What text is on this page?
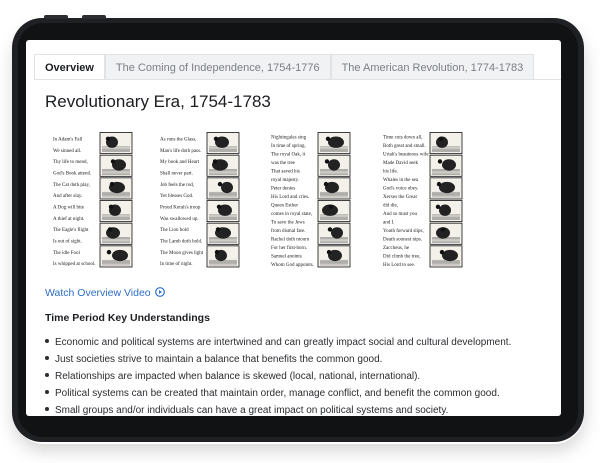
Overview	The Coming of Independence, 1754-1776	The American Revolution, 1774-1783
Revolutionary Era, 1754-1783
In Adam's Fall
We sinned all.
Thy life to mend,
God's Book attend.
The Cat doth play,
And after slay.
A Dog will bite
A thief at night.
The Eagle's flight
Is out of sight.
The idle Fool
Is whipped at school.
As runs the Glass,
Man's life doth pass.
My book and Heart
Shall never part.
Job feels the rod,
Yet blesses God.
Proud Korah's troop
Was swallowed up.
The Lion bold
The Lamb doth hold.
The Moon gives light
In time of night.
Nightingales sing
In time of spring.
The royal Oak, it
was the tree
That saved his
royal majesty.
Peter denies
His Lord and cries.
Queen Esther
comes in royal state,
To save the Jews
from dismal fate.
Rachel doth mourn
For her first-born.
Samuel anoints
Whom God appoints.
Time cuts down all,
Both great and small.
Uriah's beauteous wife
Made David seek
his life.
Whales in the sea
God's voice obey.
Xerxes the Great
did die,
And so must you
and I.
Youth forward slips,
Death soonest nips.
Zaccheus, he
Did climb the tree,
His Lord to see.
Watch Overview Video
Time Period Key Understandings
Economic and political systems are intertwined and can greatly impact social and cultural development.
Just societies strive to maintain a balance that benefits the common good.
Relationships are impacted when balance is skewed (local, national, international).
Political systems can be created that maintain order, manage conflict, and benefit the common good.
Small groups and/or individuals can have a great impact on political systems and society.
